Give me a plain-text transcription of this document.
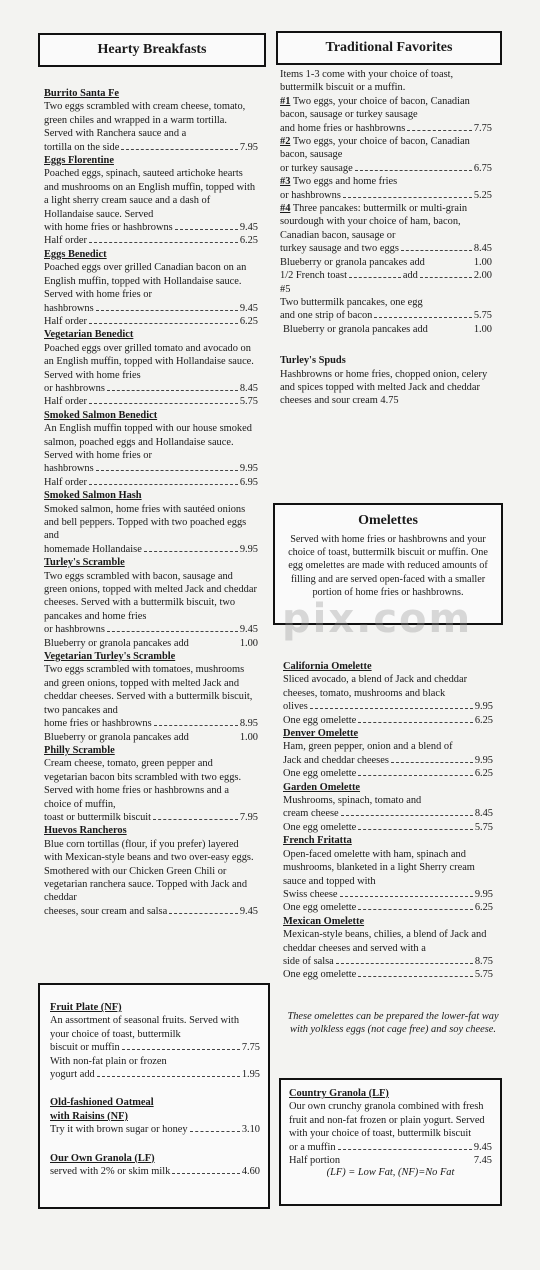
Hearty Breakfasts
Burrito Santa Fe
Two eggs scrambled with cream cheese, tomato, green chiles and wrapped in a warm tortilla. Served with Ranchera sauce and a
tortilla on the side	7.95
Eggs Florentine
Poached eggs, spinach, sauteed artichoke hearts and mushrooms on an English muffin, topped with a light sherry cream sauce and a dash of Hollandaise sauce. Served
with home fries or hashbrowns	9.45
Half order	6.25
Eggs Benedict
Poached eggs over grilled Canadian bacon on an English muffin, topped with Hollandaise sauce. Served with home fries or
hashbrowns	9.45
Half order	6.25
Vegetarian Benedict
Poached eggs over grilled tomato and avocado on an English muffin, topped with Hollandaise sauce. Served with home fries
or hashbrowns	8.45
Half order	5.75
Smoked Salmon Benedict
An English muffin topped with our house smoked salmon, poached eggs and Hollandaise sauce. Served with home fries or
hashbrowns	9.95
Half order	6.95
Smoked Salmon Hash
Smoked salmon, home fries with sautéed onions and bell peppers. Topped with two poached eggs and
homemade Hollandaise	9.95
Turley's Scramble
Two eggs scrambled with bacon, sausage and green onions, topped with melted Jack and cheddar cheeses. Served with a buttermilk biscuit, two pancakes and home fries
or hashbrowns	9.45
Blueberry or granola pancakes add	1.00
Vegetarian Turley's Scramble
Two eggs scrambled with tomatoes, mushrooms and green onions, topped with melted Jack and cheddar cheeses. Served with a buttermilk biscuit, two pancakes and
home fries or hashbrowns	8.95
Blueberry or granola pancakes add	1.00
Philly Scramble
Cream cheese, tomato, green pepper and vegetarian bacon bits scrambled with two eggs. Served with home fries or hashbrowns and a choice of muffin,
toast or buttermilk biscuit	7.95
Huevos Rancheros
Blue corn tortillas (flour, if you prefer) layered with Mexican-style beans and two over-easy eggs. Smothered with our Chicken Green Chili or vegetarian ranchera sauce. Topped with Jack and cheddar
cheeses, sour cream and salsa	9.45
Fruit Plate (NF)
An assortment of seasonal fruits. Served with your choice of toast, buttermilk
biscuit or muffin	7.75
With non-fat plain or frozen
yogurt add	1.95
Old-fashioned Oatmeal
with Raisins (NF)
Try it with brown sugar or honey	3.10
Our Own Granola (LF)
served with 2% or skim milk	4.60
Traditional Favorites
Items 1-3 come with your choice of toast, buttermilk biscuit or a muffin.
#1 Two eggs, your choice of bacon, Canadian bacon, sausage or turkey sausage
and home fries or hashbrowns	7.75
#2 Two eggs, your choice of bacon, Canadian bacon, sausage
or turkey sausage	6.75
#3 Two eggs and home fries
or hashbrowns	5.25
#4 Three pancakes: buttermilk or multi-grain sourdough with your choice of ham, bacon, Canadian bacon, sausage or
turkey sausage and two eggs	8.45
Blueberry or granola pancakes add	1.00
1/2 French toast	add	2.00
#5
Two buttermilk pancakes, one egg
and one strip of bacon	5.75
Blueberry or granola pancakes add	1.00
Turley's Spuds
Hashbrowns or home fries, chopped onion, celery and spices topped with melted Jack and cheddar cheeses and sour cream 4.75
Omelettes
Served with home fries or hashbrowns and your choice of toast, buttermilk biscuit or muffin. One egg omelettes are made with reduced amounts of filling and are served open-faced with a smaller portion of home fries or hashbrowns.
California Omelette
Sliced avocado, a blend of Jack and cheddar cheeses, tomato, mushrooms and black
olives	9.95
One egg omelette	6.25
Denver Omelette
Ham, green pepper, onion and a blend of
Jack and cheddar cheeses	9.95
One egg omelette	6.25
Garden Omelette
Mushrooms, spinach, tomato and
cream cheese	8.45
One egg omelette	5.75
French Fritatta
Open-faced omelette with ham, spinach and mushrooms, blanketed in a light Sherry cream sauce and topped with
Swiss cheese	9.95
One egg omelette	6.25
Mexican Omelette
Mexican-style beans, chilies, a blend of Jack and cheddar cheeses and served with a
side of salsa	8.75
One egg omelette	5.75
These omelettes can be prepared the lower-fat way with yolkless eggs (not cage free) and soy cheese.
Country Granola (LF)
Our own crunchy granola combined with fresh fruit and non-fat frozen or plain yogurt. Served with your choice of toast, buttermilk biscuit
or a muffin	9.45
Half portion	7.45
(LF) = Low Fat, (NF)=No Fat
pix.com
